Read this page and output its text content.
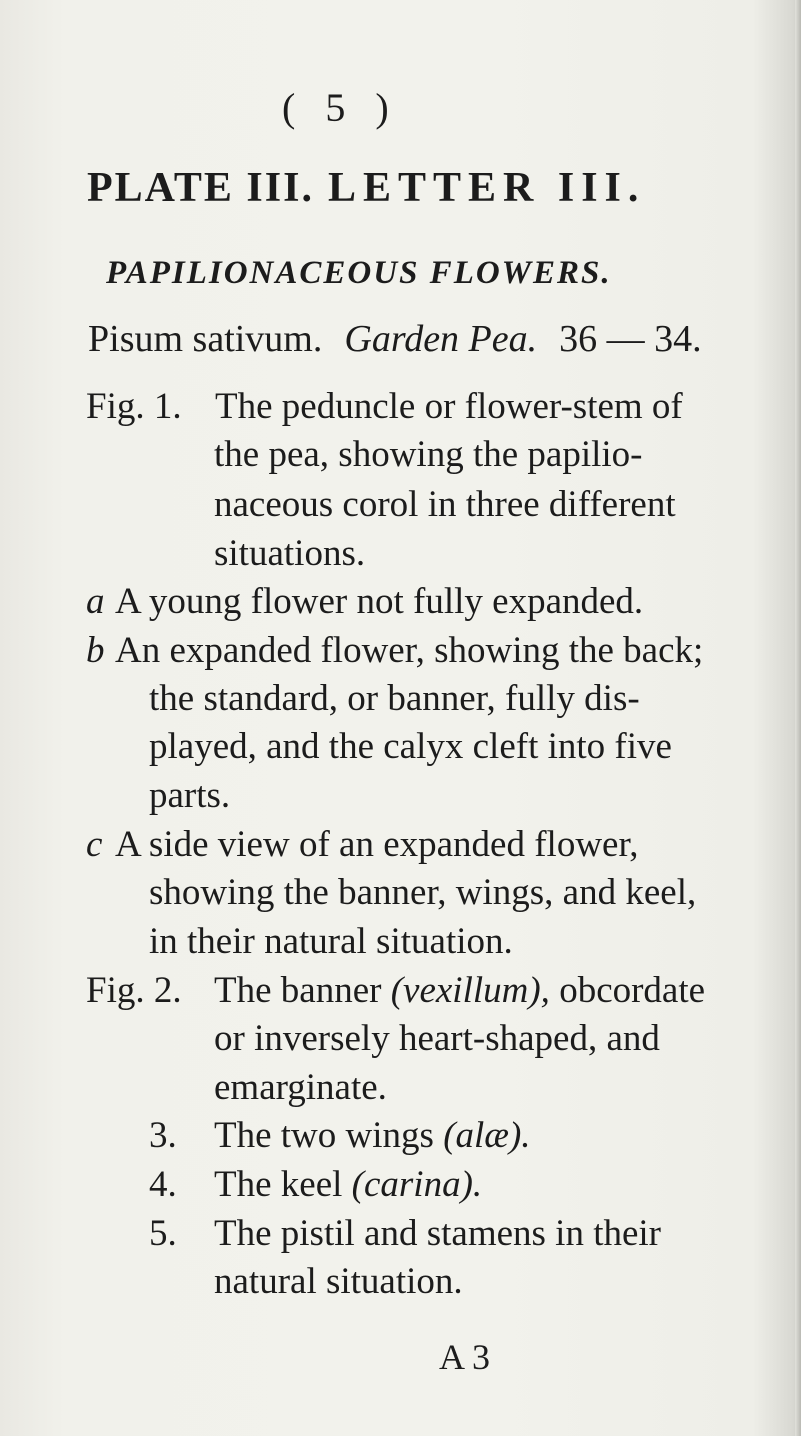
( 5 )
PLATE III. LETTER III.
PAPILIONACEOUS FLOWERS.
Pisum sativum. Garden Pea. 36 — 34.
Fig. 1. The peduncle or flower-stem of
the pea, showing the papilio-
naceous corol in three different
situations.
a A young flower not fully expanded.
b An expanded flower, showing the back;
the standard, or banner, fully dis-
played, and the calyx cleft into five
parts.
c A side view of an expanded flower,
showing the banner, wings, and keel,
in their natural situation.
Fig. 2. The banner (vexillum), obcordate
or inversely heart-shaped, and
emarginate.
3. The two wings (alæ).
4. The keel (carina).
5. The pistil and stamens in their
natural situation.
A 3
